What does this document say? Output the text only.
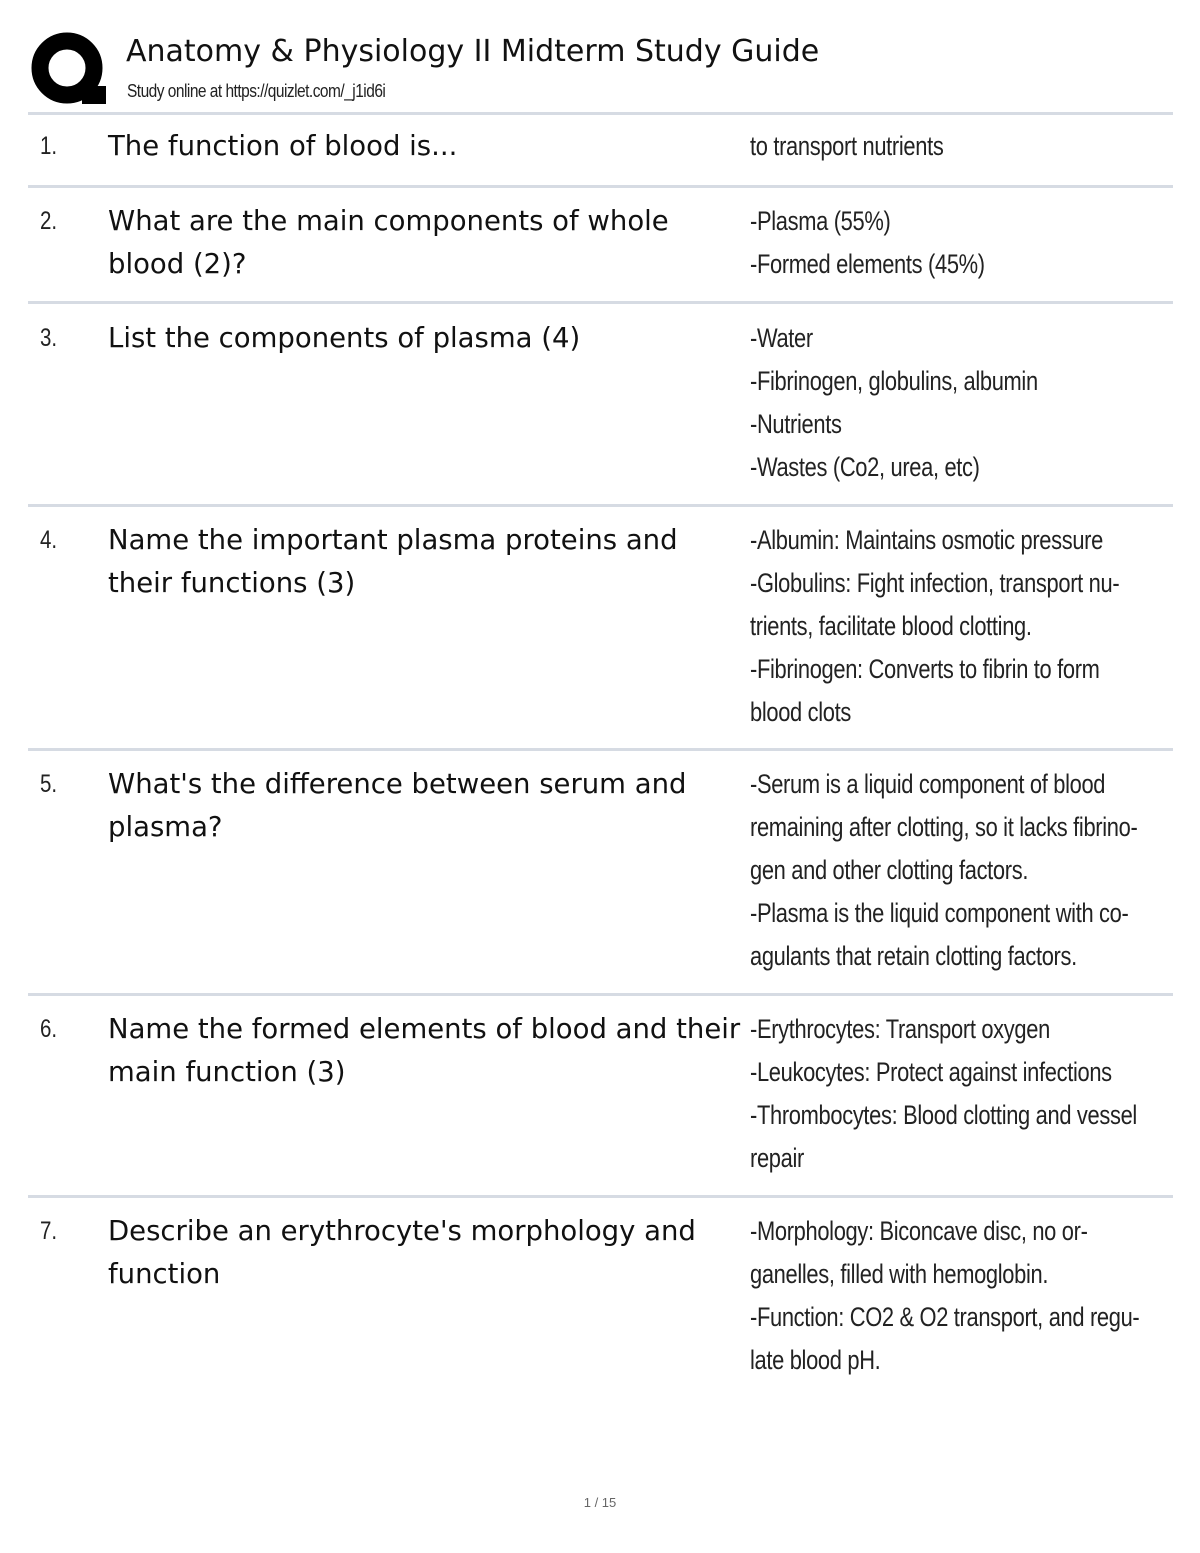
Anatomy & Physiology II Midterm Study Guide
Study online at https://quizlet.com/_j1id6i
1. The function of blood is...	to transport nutrients
2. What are the main components of whole blood (2)?
-Plasma (55%)
-Formed elements (45%)
3. List the components of plasma (4)	-Water
-Fibrinogen, globulins, albumin
-Nutrients
-Wastes (Co2, urea, etc)
4. Name the important plasma proteins and their functions (3)
-Albumin: Maintains osmotic pressure
-Globulins: Fight infection, transport nu-
trients, facilitate blood clotting.
-Fibrinogen: Converts to fibrin to form
blood clots
5. What's the difference between serum and plasma?
-Serum is a liquid component of blood
remaining after clotting, so it lacks fibrino-
gen and other clotting factors.
-Plasma is the liquid component with co-
agulants that retain clotting factors.
6. Name the formed elements of blood and their main function (3)
-Erythrocytes: Transport oxygen
-Leukocytes: Protect against infections
-Thrombocytes: Blood clotting and vessel
repair
7. Describe an erythrocyte's morphology and function
-Morphology: Biconcave disc, no or-
ganelles, filled with hemoglobin.
-Function: CO2 & O2 transport, and regu-
late blood pH.
1 / 15
